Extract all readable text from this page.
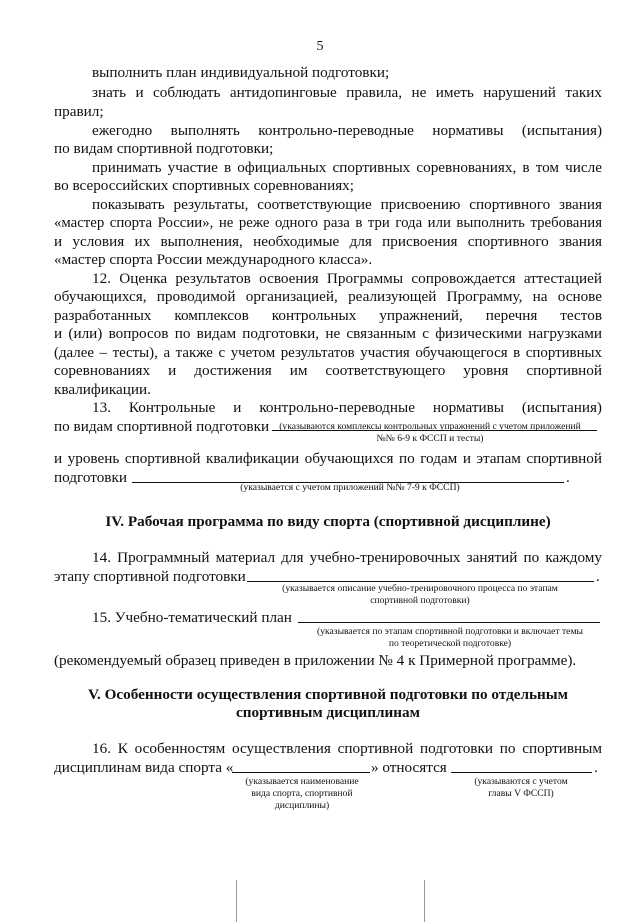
5
выполнить план индивидуальной подготовки;
знать и соблюдать антидопинговые правила, не иметь нарушений таких
правил;
ежегодно выполнять контрольно-переводные нормативы (испытания)
по видам спортивной подготовки;
принимать участие в официальных спортивных соревнованиях, в том числе
во всероссийских спортивных соревнованиях;
показывать результаты, соответствующие присвоению спортивного звания
«мастер спорта России», не реже одного раза в три года или выполнить требования
и условия их выполнения, необходимые для присвоения спортивного звания
«мастер спорта России международного класса».
12. Оценка результатов освоения Программы сопровождается аттестацией
обучающихся, проводимой организацией, реализующей Программу, на основе
разработанных комплексов контрольных упражнений, перечня тестов
и (или) вопросов по видам подготовки, не связанным с физическими нагрузками
(далее – тесты), а также с учетом результатов участия обучающегося в спортивных
соревнованиях и достижения им соответствующего уровня спортивной
квалификации.
13. Контрольные и контрольно-переводные нормативы (испытания)
по видам спортивной подготовки	(указываются комплексы контрольных упражнений с учетом приложений
№№ 6-9 к ФССП и тесты)
и уровень спортивной квалификации обучающихся по годам и этапам спортивной
подготовки	.
(указывается с учетом приложений №№ 7-9 к ФССП)
IV. Рабочая программа по виду спорта (спортивной дисциплине)
14. Программный материал для учебно-тренировочных занятий по каждому
этапу спортивной подготовки	.
(указывается описание учебно-тренировочного процесса по этапам
спортивной подготовки)
15. Учебно-тематический план
(указывается по этапам спортивной подготовки и включает темы
по теоретической подготовке)
(рекомендуемый образец приведен в приложении № 4 к Примерной программе).
V. Особенности осуществления спортивной подготовки по отдельным
спортивным дисциплинам
16. К особенностям осуществления спортивной подготовки по спортивным
дисциплинам вида спорта «	» относятся	.
(указывается наименование
вида спорта, спортивной
дисциплины)
(указываются с учетом
главы V ФССП)
